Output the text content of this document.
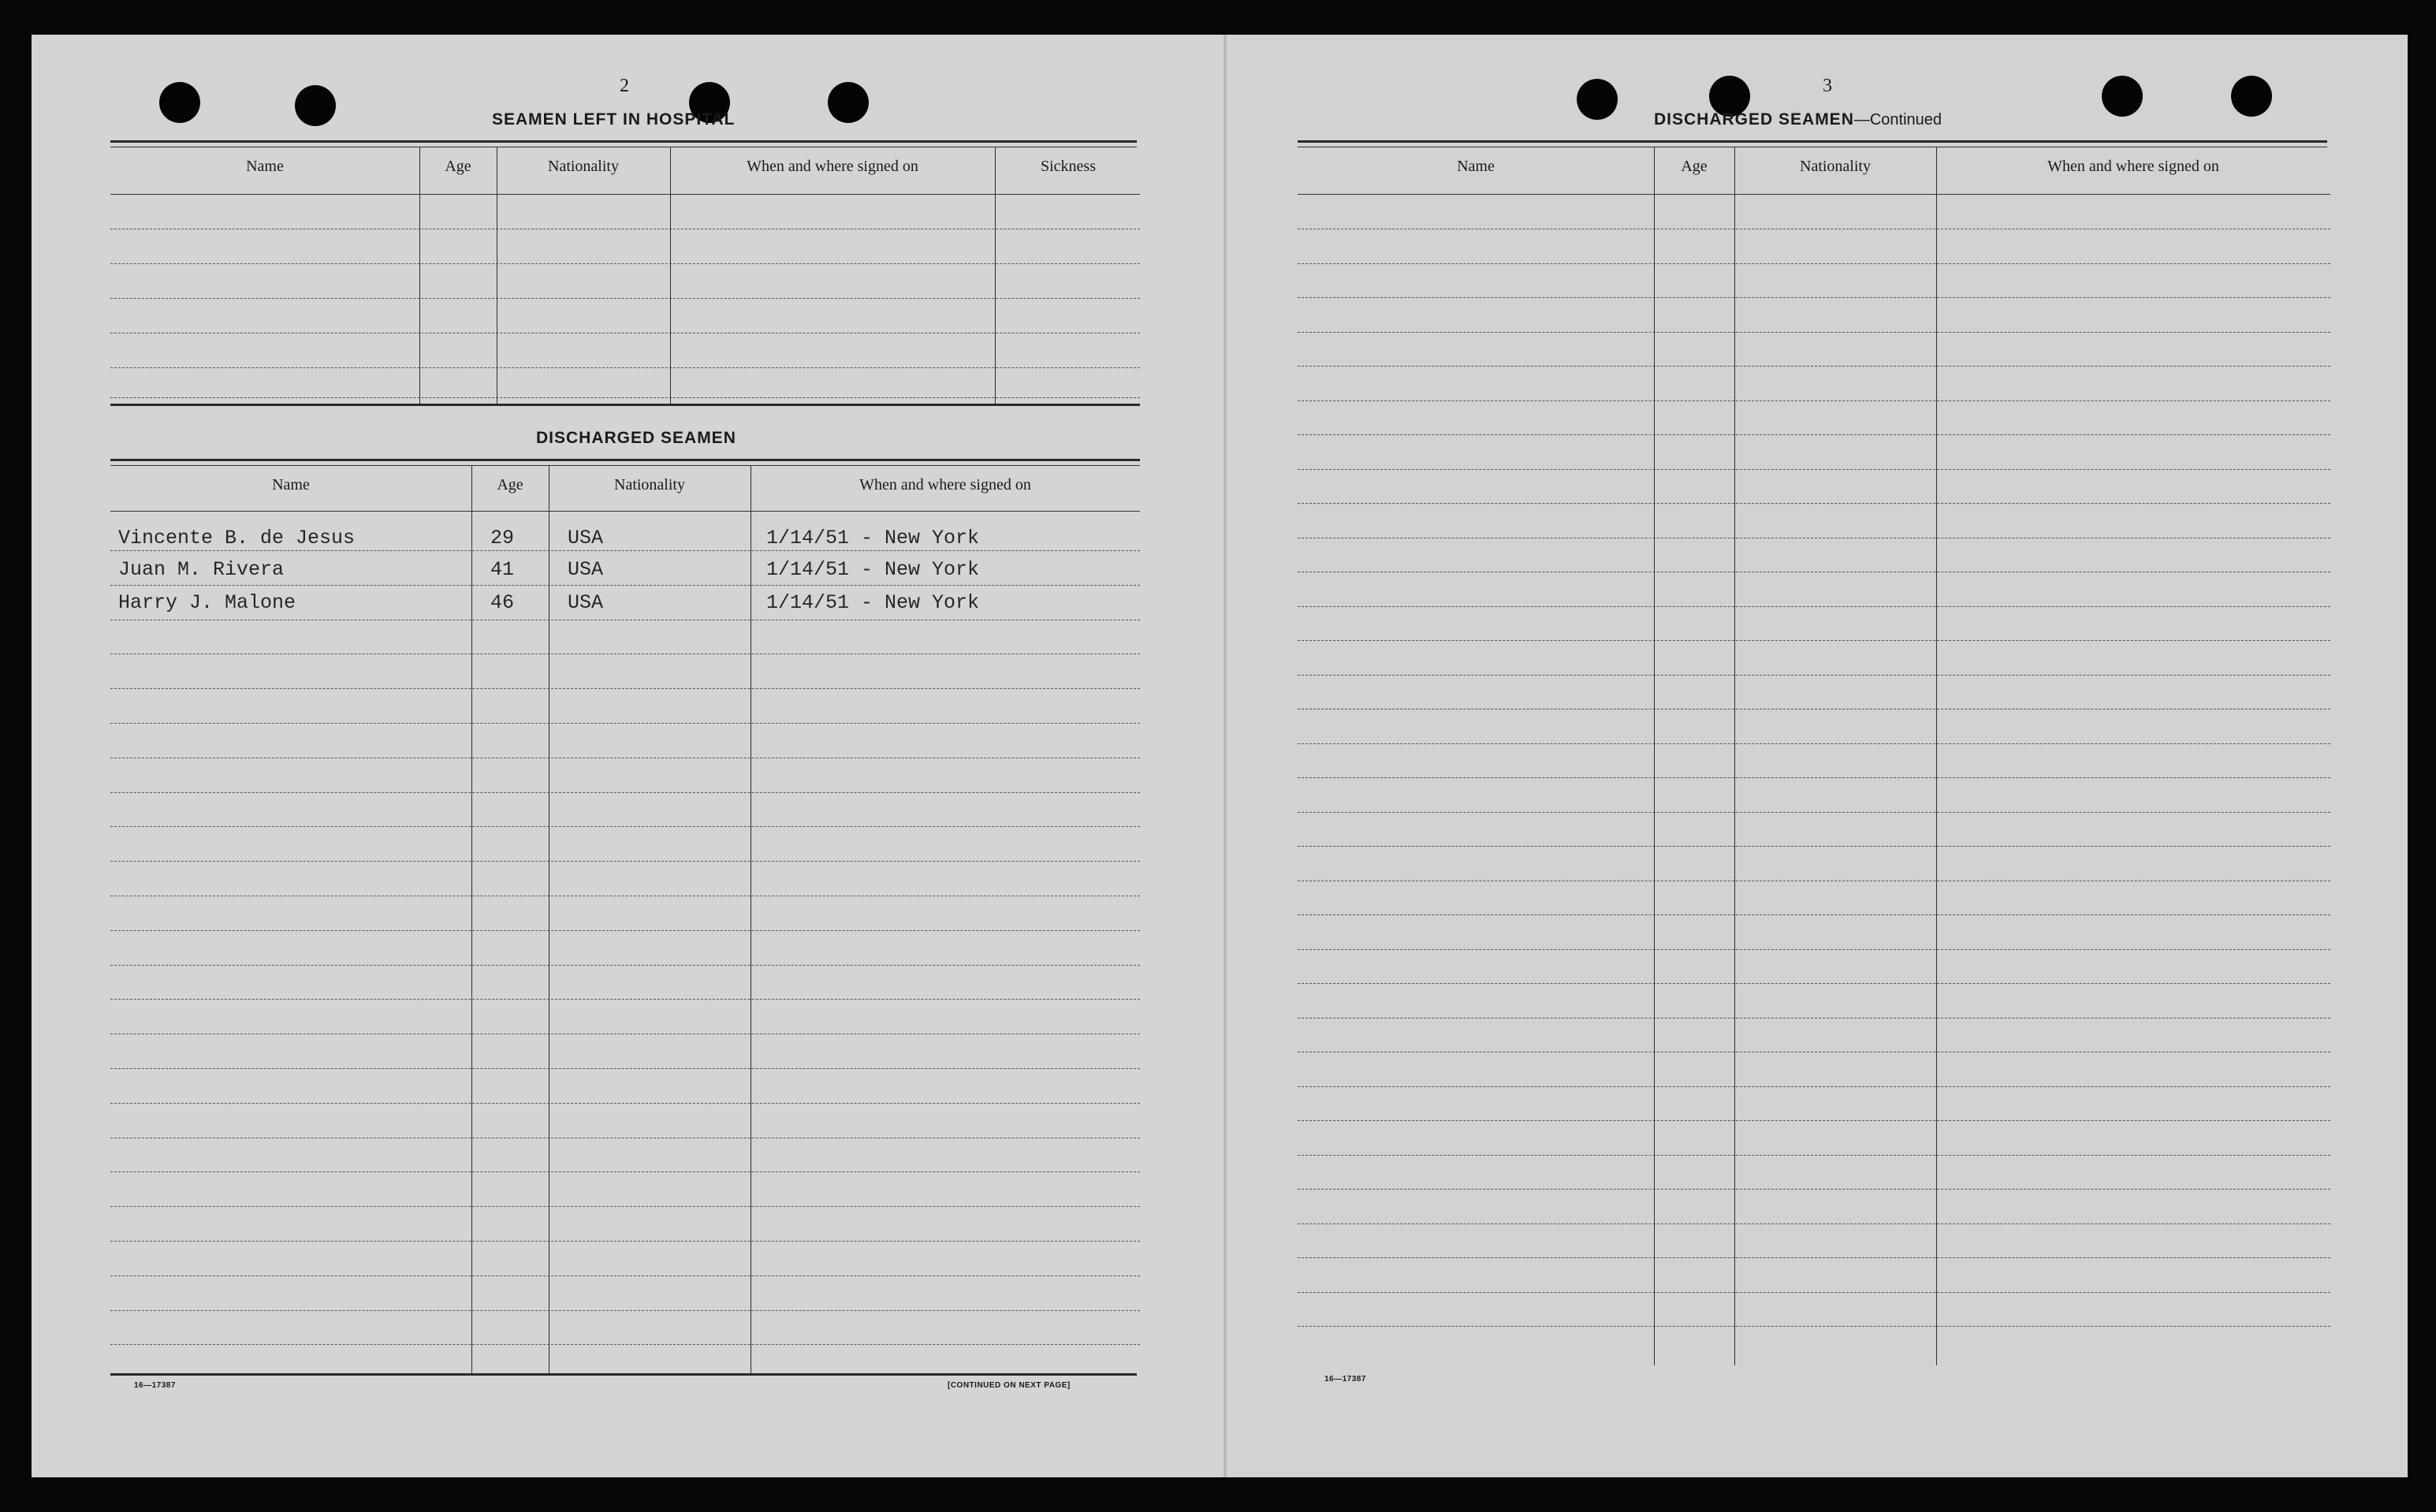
2
SEAMEN LEFT IN HOSPITAL
Name	Age	Nationality	When and where signed on	Sickness
DISCHARGED SEAMEN
Name	Age	Nationality	When and where signed on
Vincente B. de Jesus	29	USA	1/14/51 - New York
Juan M. Rivera	41	USA	1/14/51 - New York
Harry J. Malone	46	USA	1/14/51 - New York
16—17387	[CONTINUED ON NEXT PAGE]
3
DISCHARGED SEAMEN—Continued
Name	Age	Nationality	When and where signed on
16—17387
